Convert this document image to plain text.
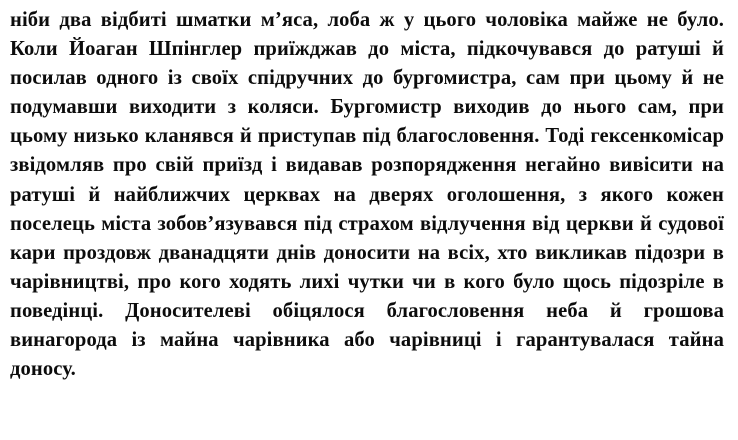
ніби два відбиті шматки м’яса, лоба ж у цього чоловіка майже не було. Коли Йоаган Шпінглер приїжджав до міста, підкочувався до ратуші й посилав одного із своїх спідручних до бургомистра, сам при цьому й не подумавши виходити з коляси. Бургомистр виходив до нього сам, при цьому низько кланявся й приступав під благословення. Тоді гексенкомісар звідомляв про свій приїзд і видавав розпорядження негайно вивісити на ратуші й найближчих церквах на дверях оголошення, з якого кожен поселець міста зобов’язувався під страхом відлучення від церкви й судової кари проздовж дванадцяти днів доносити на всіх, хто викликав підозри в чарівництві, про кого ходять лихі чутки чи в кого було щось підозріле в поведінці. Доноcителеві обіцялося благословення неба й грошова винагорода із майна чарівника або чарівниці і гарантувалася тайна доносу.
